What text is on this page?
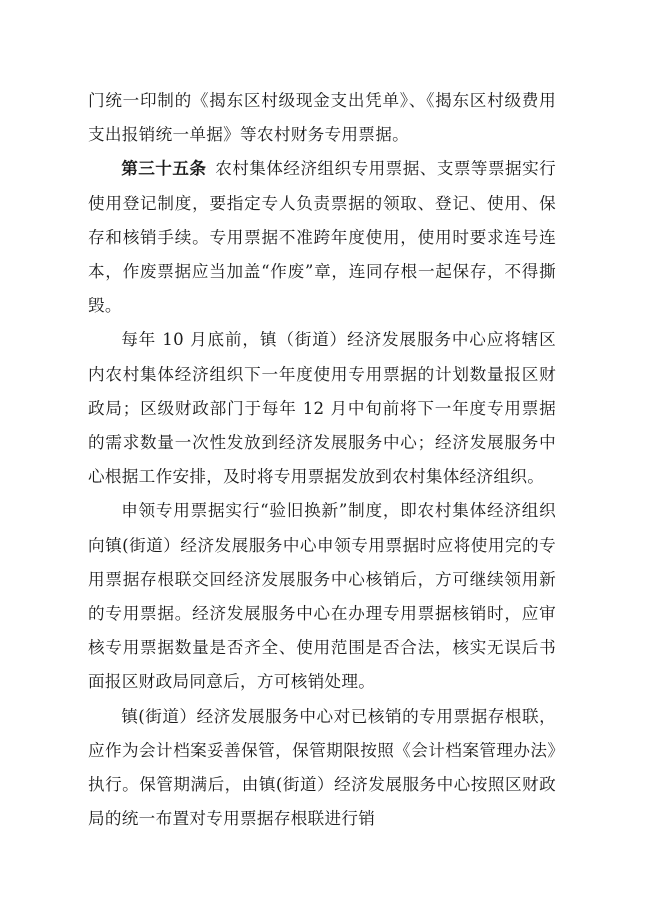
门统一印制的《揭东区村级现金支出凭单》、《揭东区村级费用支出报销统一单据》等农村财务专用票据。

第三十五条  农村集体经济组织专用票据、支票等票据实行使用登记制度，要指定专人负责票据的领取、登记、使用、保存和核销手续。专用票据不准跨年度使用，使用时要求连号连本，作废票据应当加盖“作废”章，连同存根一起保存，不得撕毁。

每年 10 月底前，镇（街道）经济发展服务中心应将辖区内农村集体经济组织下一年度使用专用票据的计划数量报区财政局；区级财政部门于每年 12 月中旬前将下一年度专用票据的需求数量一次性发放到经济发展服务中心；经济发展服务中心根据工作安排，及时将专用票据发放到农村集体经济组织。

申领专用票据实行“验旧换新”制度，即农村集体经济组织向镇(街道）经济发展服务中心申领专用票据时应将使用完的专用票据存根联交回经济发展服务中心核销后，方可继续领用新的专用票据。经济发展服务中心在办理专用票据核销时，应审核专用票据数量是否齐全、使用范围是否合法，核实无误后书面报区财政局同意后，方可核销处理。

镇(街道）经济发展服务中心对已核销的专用票据存根联，应作为会计档案妥善保管，保管期限按照《会计档案管理办法》执行。保管期满后，由镇(街道）经济发展服务中心按照区财政局的统一布置对专用票据存根联进行销
